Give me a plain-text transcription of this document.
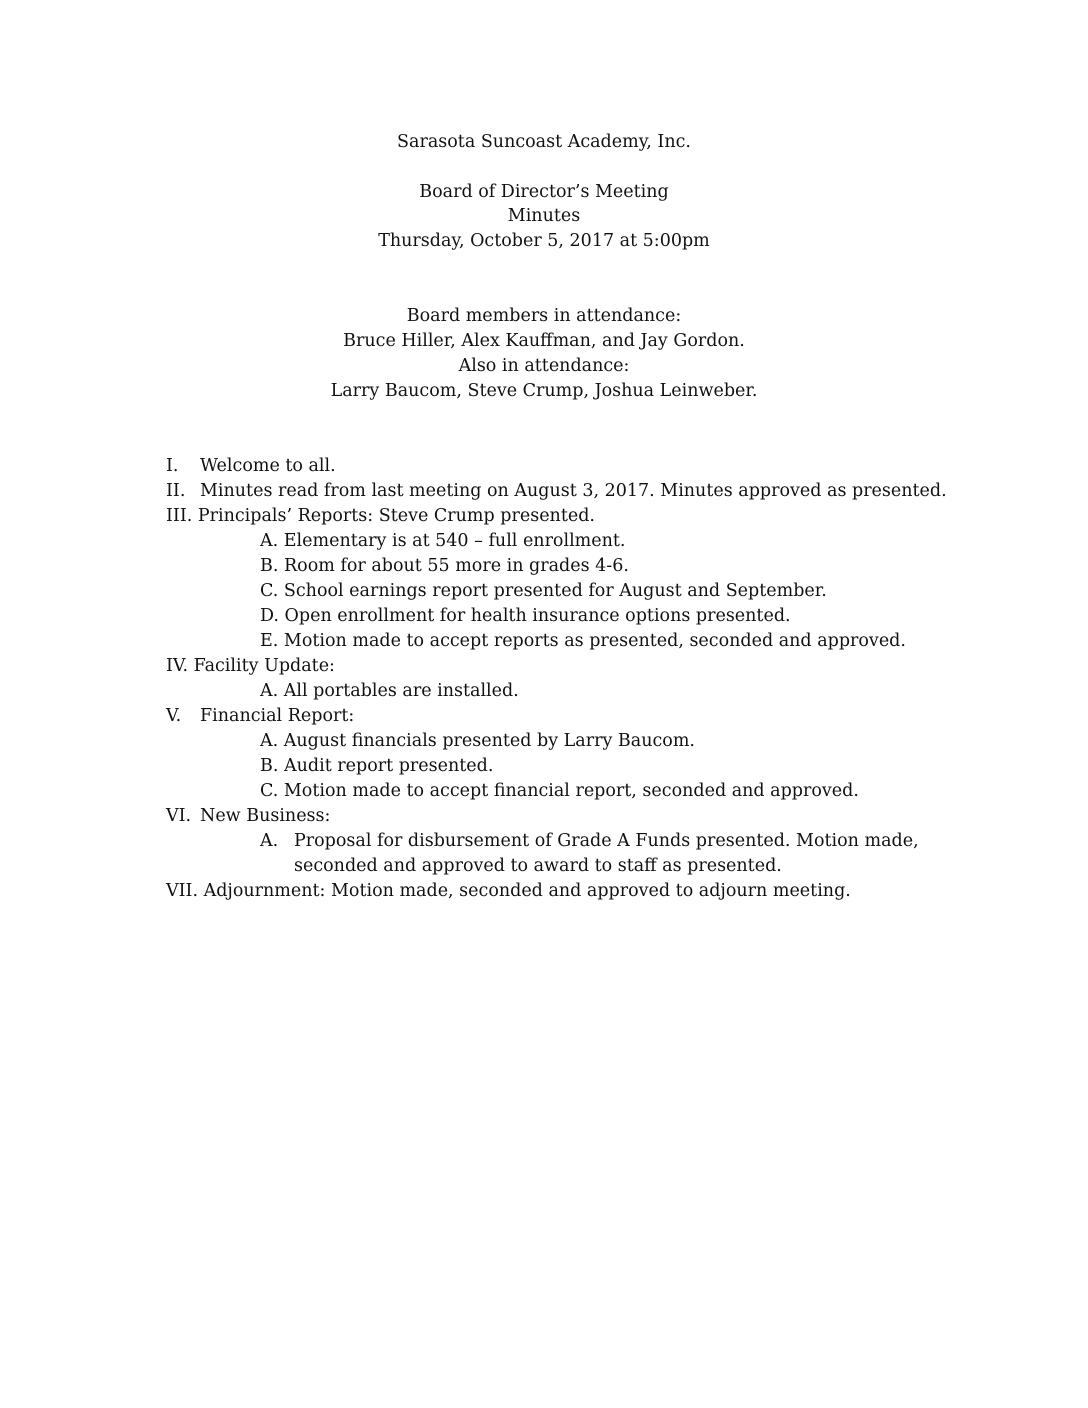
Sarasota Suncoast Academy, Inc.
Board of Director’s Meeting
Minutes
Thursday, October 5, 2017 at 5:00pm
Board members in attendance:
Bruce Hiller, Alex Kauffman, and Jay Gordon.
Also in attendance:
Larry Baucom, Steve Crump, Joshua Leinweber.
I. Welcome to all.
II. Minutes read from last meeting on August 3, 2017. Minutes approved as presented.
III. Principals’ Reports: Steve Crump presented.
A. Elementary is at 540 – full enrollment.
B. Room for about 55 more in grades 4-6.
C. School earnings report presented for August and September.
D. Open enrollment for health insurance options presented.
E. Motion made to accept reports as presented, seconded and approved.
IV. Facility Update:
A. All portables are installed.
V. Financial Report:
A. August financials presented by Larry Baucom.
B. Audit report presented.
C. Motion made to accept financial report, seconded and approved.
VI. New Business:
A. Proposal for disbursement of Grade A Funds presented. Motion made,
seconded and approved to award to staff as presented.
VII. Adjournment: Motion made, seconded and approved to adjourn meeting.
